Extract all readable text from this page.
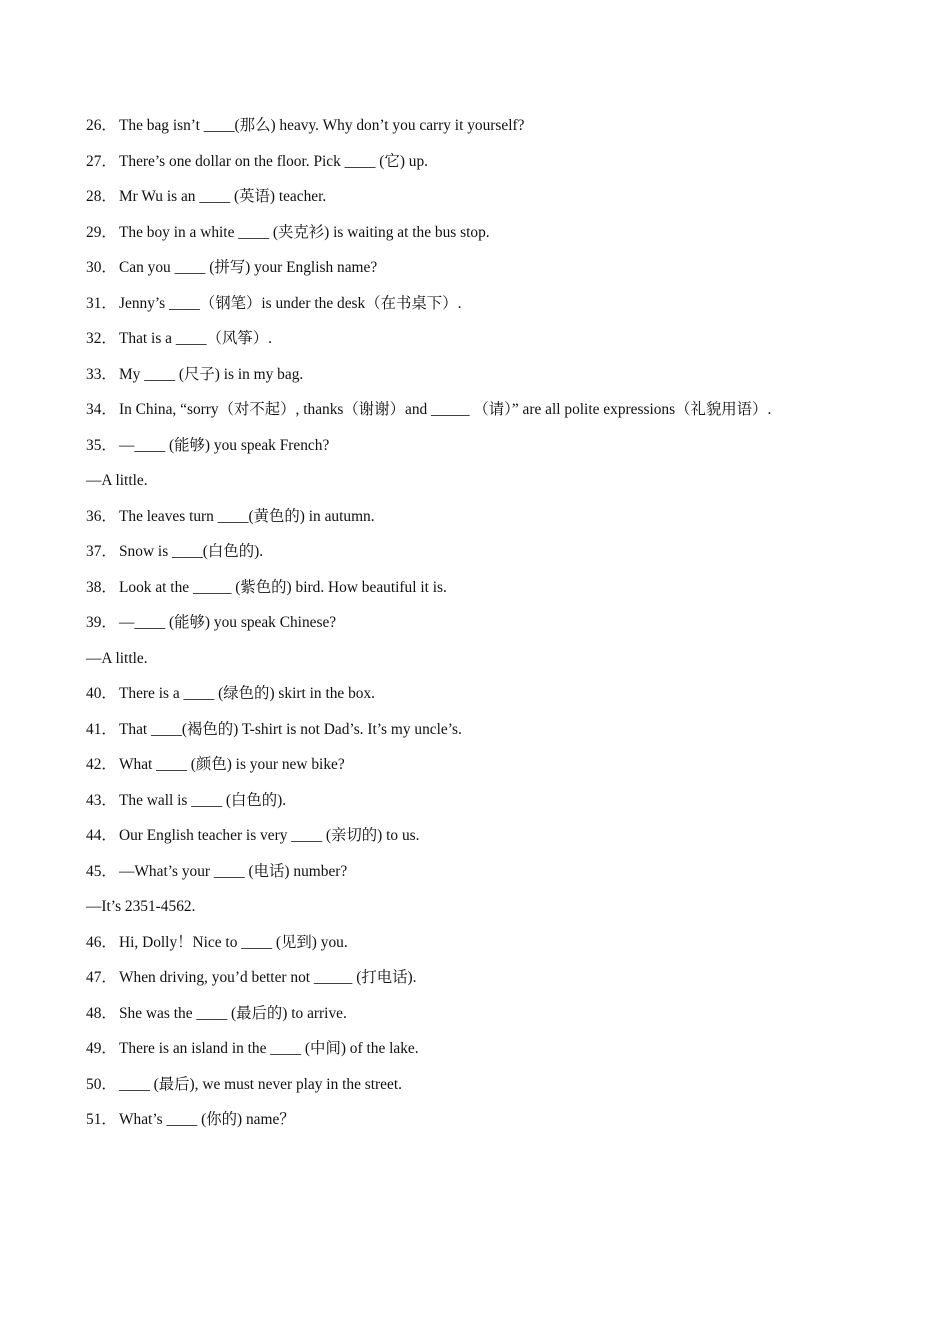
26． The bag isn’t ____(那么) heavy. Why don’t you carry it yourself?
27． There’s one dollar on the floor. Pick ____ (它) up.
28． Mr Wu is an ____ (英语) teacher.
29． The boy in a white ____ (夹克衫) is waiting at the bus stop.
30． Can you ____ (拼写) your English name?
31． Jenny’s ____（钢笔）is under the desk（在书桌下）.
32． That is a ____（风筝）.
33． My ____ (尺子) is in my bag.
34． In China, “sorry（对不起）, thanks（谢谢）and _____ （请）” are all polite expressions（礼貌用语）.
35． —____ (能够) you speak French?
—A little.
36． The leaves turn ____(黄色的) in autumn.
37． Snow is ____(白色的).
38． Look at the _____ (紫色的) bird. How beautiful it is.
39． —____ (能够) you speak Chinese?
—A little.
40． There is a ____ (绿色的) skirt in the box.
41． That ____(褐色的) T-shirt is not Dad’s. It’s my uncle’s.
42． What ____ (颜色) is your new bike?
43． The wall is ____ (白色的).
44． Our English teacher is very ____ (亲切的) to us.
45． —What’s your ____ (电话) number?
—It’s 2351-4562.
46． Hi, Dolly！Nice to ____ (见到) you.
47． When driving, you’d better not _____ (打电话).
48． She was the ____ (最后的) to arrive.
49． There is an island in the ____ (中间) of the lake.
50． ____ (最后), we must never play in the street.
51． What’s ____ (你的) name？
